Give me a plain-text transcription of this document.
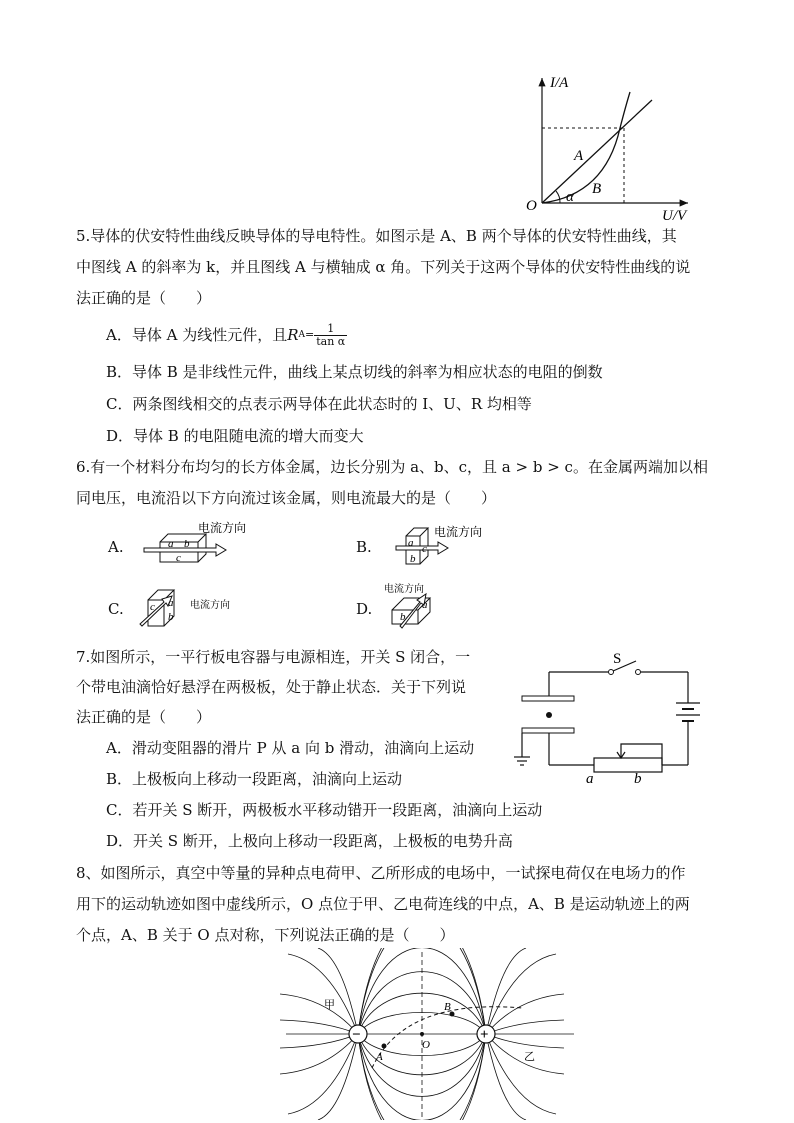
I/A
U/V
O
A
B
α
5.导体的伏安特性曲线反映导体的导电特性。如图示是 A、B 两个导体的伏安特性曲线，其
中图线 A 的斜率为 k，并且图线 A 与横轴成 α 角。下列关于这两个导体的伏安特性曲线的说
法正确的是（　　）
A．导体 A 为线性元件，且 R $A = \frac{1}{\text{tan α}}$
B．导体 B 是非线性元件，曲线上某点切线的斜率为相应状态的电阻的倒数
C．两条图线相交的点表示两导体在此状态时的 I、U、R 均相等
D．导体 B 的电阻随电流的增大而变大
6.有一个材料分布均匀的长方体金属，边长分别为 a、b、c，且 a > b > c。在金属两端加以相
同电压，电流沿以下方向流过该金属，则电流最大的是（　　）
A.
电流方向
a b
c
B.
电流方向
a
b
c
C.	电流方向
c a
b	D.
电流方向
b
a
7.如图所示，一平行板电容器与电源相连，开关 S 闭合，一
个带电油滴恰好悬浮在两极板，处于静止状态．关于下列说
法正确的是（　　）
A．滑动变阻器的滑片 P 从 a 向 b 滑动，油滴向上运动
B．上极板向上移动一段距离，油滴向上运动
C．若开关 S 断开，两极板水平移动错开一段距离，油滴向上运动
D．开关 S 断开，上极向上移动一段距离，上极板的电势升高
S
a	b
8、如图所示，真空中等量的异种点电荷甲、乙所形成的电场中，一试探电荷仅在电场力的作
用下的运动轨迹如图中虚线所示，O 点位于甲、乙电荷连线的中点，A、B 是运动轨迹上的两
个点，A、B 关于 O 点对称，下列说法正确的是（　　）
−	+
甲
乙
A
B
O
